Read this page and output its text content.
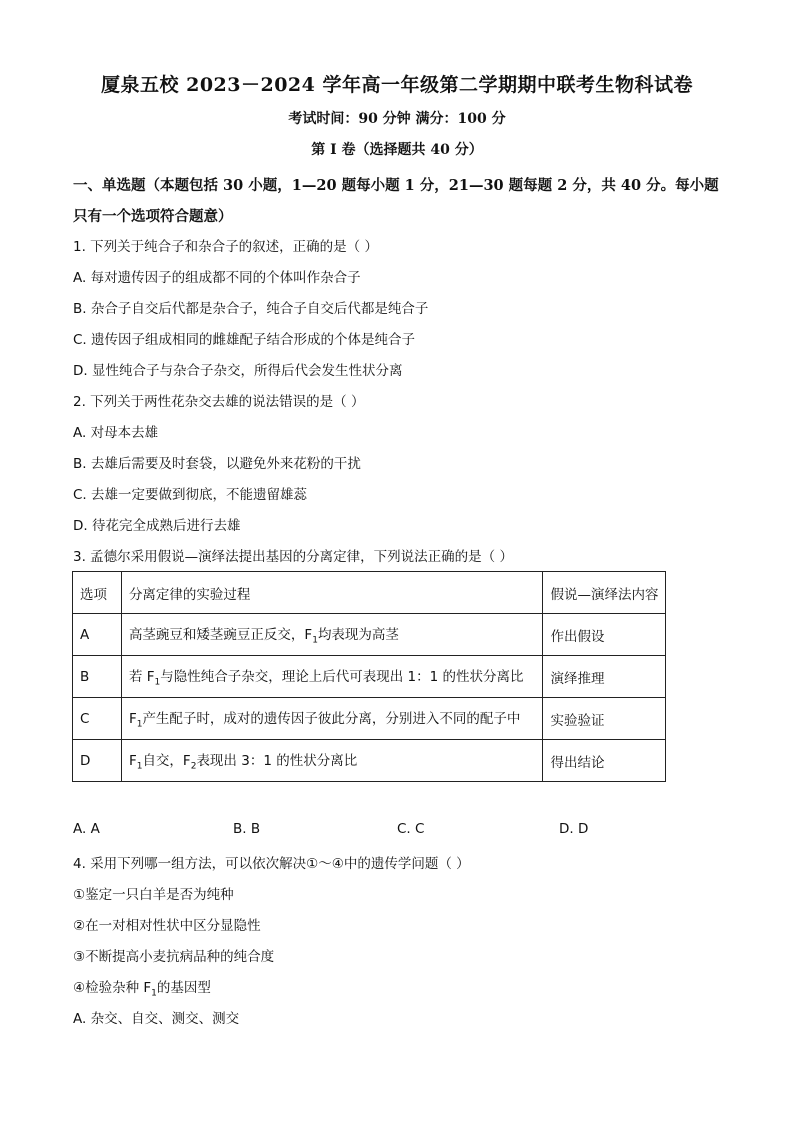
厦泉五校 2023－2024 学年高一年级第二学期期中联考生物科试卷
考试时间：90 分钟 满分：100 分
第 Ⅰ 卷（选择题共 40 分）
一、单选题（本题包括 30 小题，1—20 题每小题 1 分，21—30 题每题 2 分，共 40 分。每小题只有一个选项符合题意）
1. 下列关于纯合子和杂合子的叙述，正确的是（ ）
A. 每对遗传因子的组成都不同的个体叫作杂合子
B. 杂合子自交后代都是杂合子，纯合子自交后代都是纯合子
C. 遗传因子组成相同的雌雄配子结合形成的个体是纯合子
D. 显性纯合子与杂合子杂交，所得后代会发生性状分离
2. 下列关于两性花杂交去雄的说法错误的是（ ）
A. 对母本去雄
B. 去雄后需要及时套袋，以避免外来花粉的干扰
C. 去雄一定要做到彻底，不能遗留雄蕊
D. 待花完全成熟后进行去雄
3. 孟德尔采用假说—演绎法提出基因的分离定律，下列说法正确的是（ ）
选项	分离定律的实验过程	假说—演绎法内容
A	高茎豌豆和矮茎豌豆正反交，$F_1$均表现为高茎	作出假设
B	若 $F_1$与隐性纯合子杂交，理论上后代可表现出 1：1 的性状分离比	演绎推理
C	$F_1$产生配子时，成对的遗传因子彼此分离，分别进入不同的配子中	实验验证
D	$F_1$自交，$F_2$表现出 3：1 的性状分离比	得出结论
A. A	B. B	C. C	D. D
4. 采用下列哪一组方法，可以依次解决①～④中的遗传学问题（ ）
①鉴定一只白羊是否为纯种
②在一对相对性状中区分显隐性
③不断提高小麦抗病品种的纯合度
④检验杂种 $F_1$的基因型
A. 杂交、自交、测交、测交
